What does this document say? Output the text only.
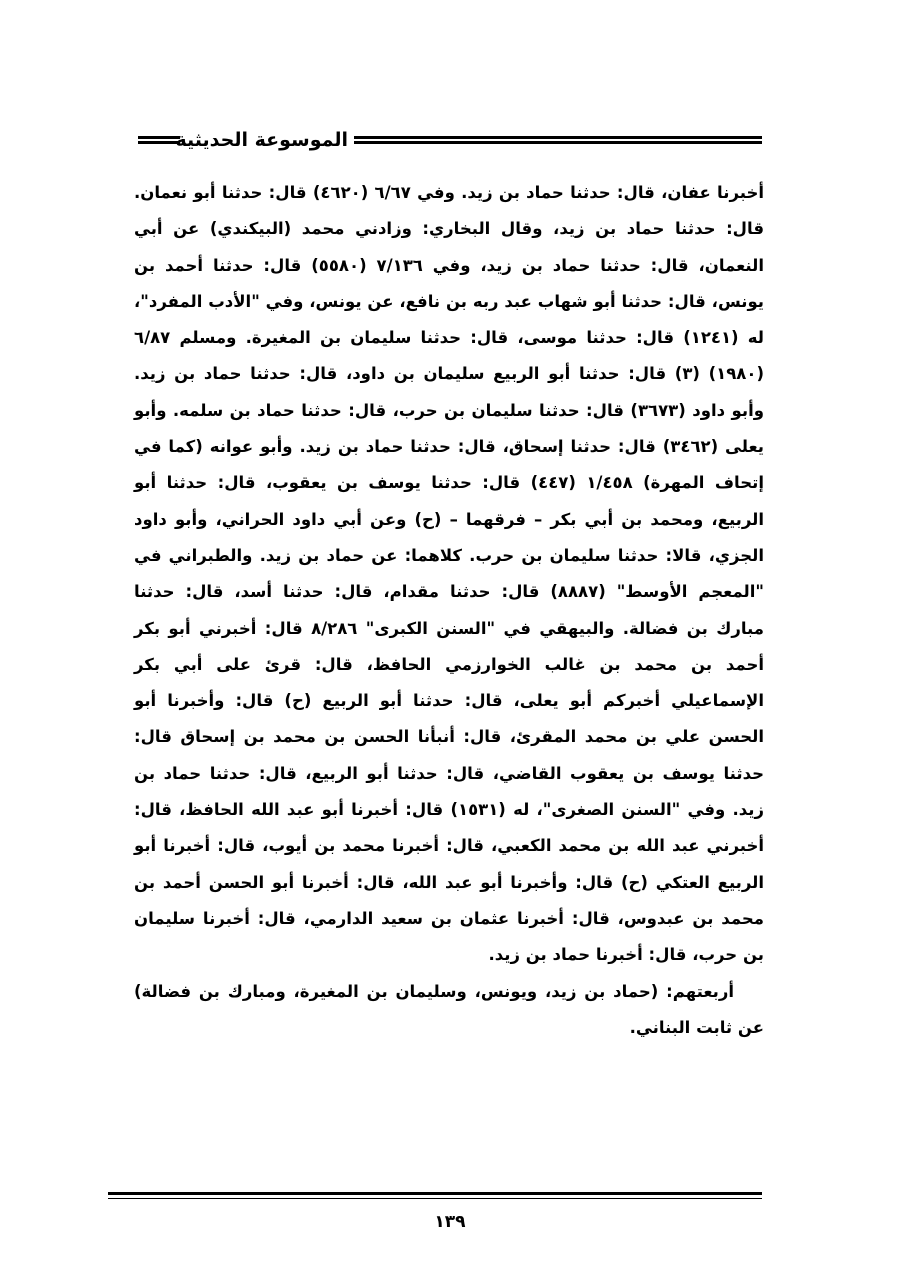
الموسوعة الحديثية

أخبرنا عفان، قال: حدثنا حماد بن زيد. وفي ٦/٦٧ (٤٦٢٠) قال: حدثنا أبو نعمان. قال: حدثنا حماد بن زيد، وقال البخاري: وزادني محمد (البيكندي) عن أبي النعمان، قال: حدثنا حماد بن زيد، وفي ٧/١٣٦ (٥٥٨٠) قال: حدثنا أحمد بن يونس، قال: حدثنا أبو شهاب عبد ربه بن نافع، عن يونس، وفي "الأدب المفرد"، له (١٢٤١) قال: حدثنا موسى، قال: حدثنا سليمان بن المغيرة. ومسلم ٦/٨٧ (١٩٨٠) (٣) قال: حدثنا أبو الربيع سليمان بن داود، قال: حدثنا حماد بن زيد. وأبو داود (٣٦٧٣) قال: حدثنا سليمان بن حرب، قال: حدثنا حماد بن سلمه. وأبو يعلى (٣٤٦٢) قال: حدثنا إسحاق، قال: حدثنا حماد بن زيد. وأبو عوانه (كما في إتحاف المهرة) ١/٤٥٨ (٤٤٧) قال: حدثنا يوسف بن يعقوب، قال: حدثنا أبو الربيع، ومحمد بن أبي بكر – فرقهما – (ح) وعن أبي داود الحراني، وأبو داود الجزي، قالا: حدثنا سليمان بن حرب. كلاهما: عن حماد بن زيد. والطبراني في "المعجم الأوسط" (٨٨٨٧) قال: حدثنا مقدام، قال: حدثنا أسد، قال: حدثنا مبارك بن فضالة. والبيهقي في "السنن الكبرى" ٨/٢٨٦ قال: أخبرني أبو بكر أحمد بن محمد بن غالب الخوارزمي الحافظ، قال: قرئ على أبي بكر الإسماعيلي أخبركم أبو يعلى، قال: حدثنا أبو الربيع (ح) قال: وأخبرنا أبو الحسن علي بن محمد المقرئ، قال: أنبأنا الحسن بن محمد بن إسحاق قال: حدثنا يوسف بن يعقوب القاضي، قال: حدثنا أبو الربيع، قال: حدثنا حماد بن زيد. وفي "السنن الصغرى"، له (١٥٣١) قال: أخبرنا أبو عبد الله الحافظ، قال: أخبرني عبد الله بن محمد الكعبي، قال: أخبرنا محمد بن أيوب، قال: أخبرنا أبو الربيع العتكي (ح) قال: وأخبرنا أبو عبد الله، قال: أخبرنا أبو الحسن أحمد بن محمد بن عبدوس، قال: أخبرنا عثمان بن سعيد الدارمي، قال: أخبرنا سليمان بن حرب، قال: أخبرنا حماد بن زيد.

أربعتهم: (حماد بن زيد، ويونس، وسليمان بن المغيرة، ومبارك بن فضالة) عن ثابت البناني.

١٣٩
